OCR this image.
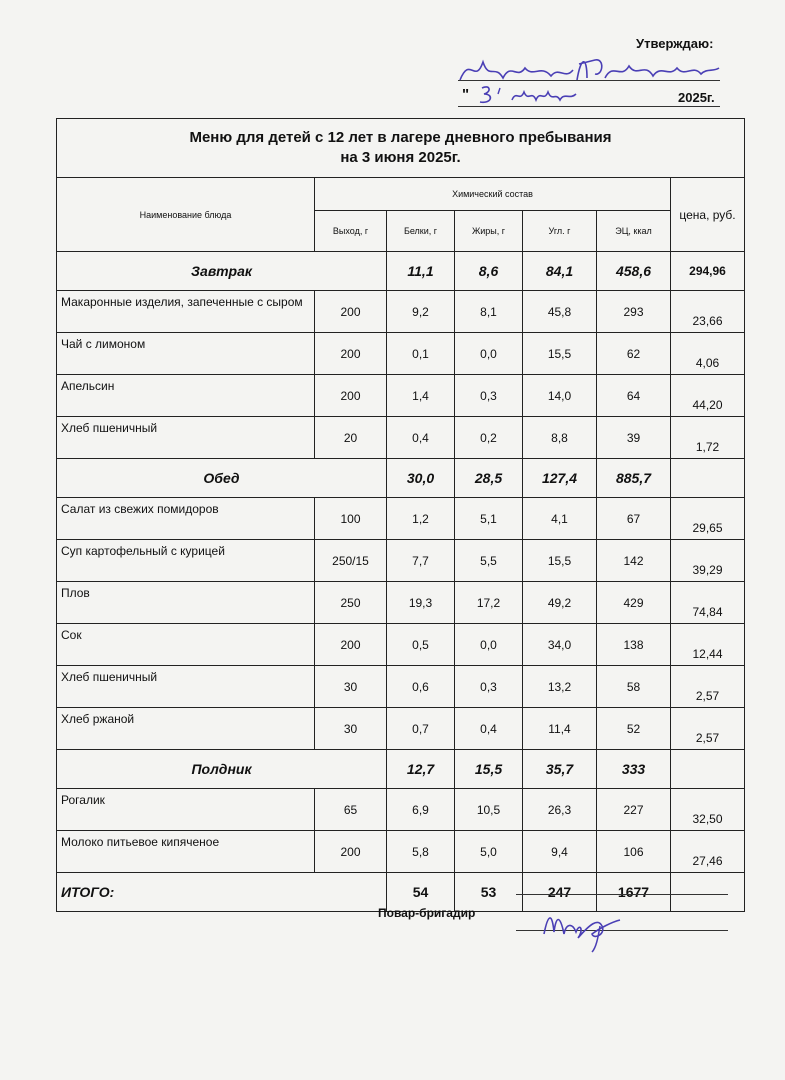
Утверждаю:
"	2025г.
Меню для детей с 12 лет в лагере дневного пребывания
на 3 июня 2025г.						
Наименование блюда	Химический состав					цена, руб.
	Выход, г	Белки, г	Жиры, г	Угл. г	ЭЦ, ккал	
Завтрак		11,1	8,6	84,1	458,6	294,96
Макаронные изделия, запеченные с сыром	200	9,2	8,1	45,8	293	23,66
Чай с лимоном	200	0,1	0,0	15,5	62	4,06
Апельсин	200	1,4	0,3	14,0	64	44,20
Хлеб пшеничный	20	0,4	0,2	8,8	39	1,72
Обед		30,0	28,5	127,4	885,7	
Салат из свежих помидоров	100	1,2	5,1	4,1	67	29,65
Суп картофельный с курицей	250/15	7,7	5,5	15,5	142	39,29
Плов	250	19,3	17,2	49,2	429	74,84
Сок	200	0,5	0,0	34,0	138	12,44
Хлеб пшеничный	30	0,6	0,3	13,2	58	2,57
Хлеб ржаной	30	0,7	0,4	11,4	52	2,57
Полдник		12,7	15,5	35,7	333	
Рогалик	65	6,9	10,5	26,3	227	32,50
Молоко питьевое кипяченое	200	5,8	5,0	9,4	106	27,46
ИТОГО:		54	53	247	1677	
Повар-бригадир
